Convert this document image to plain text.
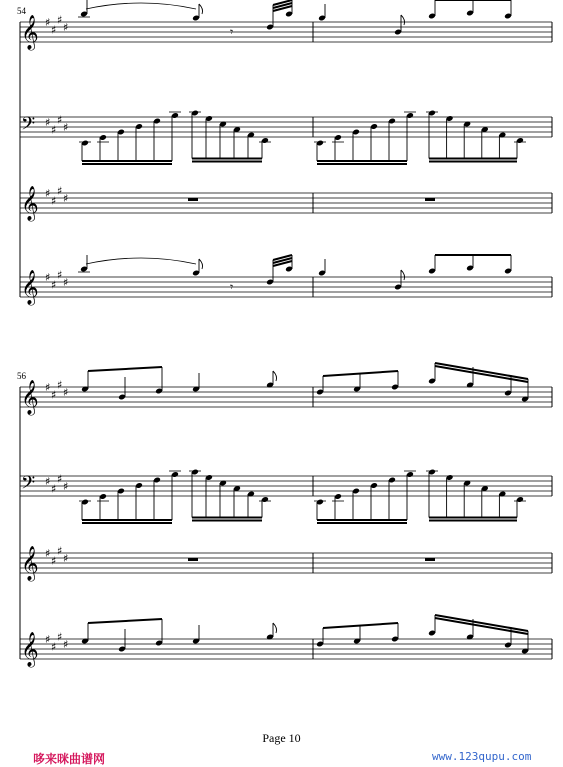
𝄞 ♯
♯
♯
♯	𝄾
𝄢 ♯
♯
♯
♯
𝄞 ♯
♯
♯
♯
𝄞 ♯
♯
♯
♯	𝄾
𝄞 ♯
♯
♯
♯
𝄢 ♯
♯
♯
♯
𝄞 ♯
♯
♯
♯
𝄞 ♯
♯
♯
♯
54
56
Page 10
哆来咪曲谱网	www.123qupu.com
